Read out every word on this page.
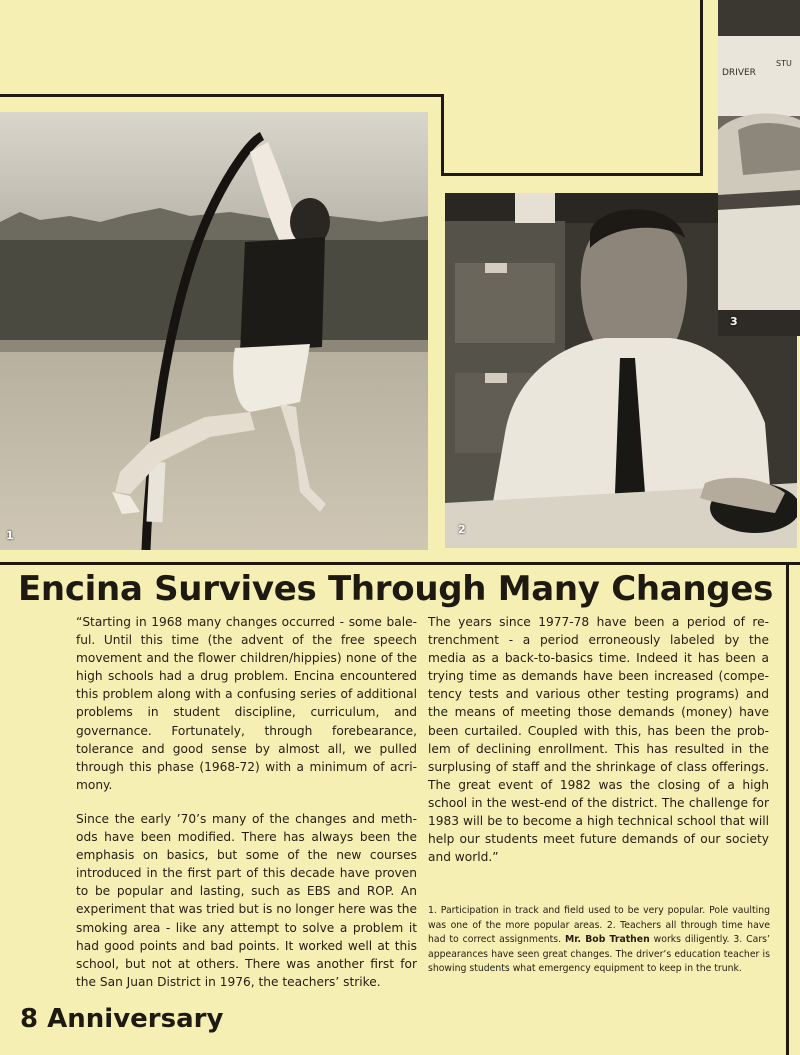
1	2
DRIVER
STU
3
Encina Survives Through Many Changes

“Starting in 1968 many changes occurred - some baleful. Until this time (the advent of the free speech movement and the flower children/hippies) none of the high schools had a drug problem. Encina encountered this problem along with a confusing series of additional problems in student discipline, curriculum, and governance. Fortunately, through forebearance, tolerance and good sense by almost all, we pulled through this phase (1968-72) with a minimum of acrimony.

Since the early ’70’s many of the changes and methods have been modified. There has always been the emphasis on basics, but some of the new courses introduced in the first part of this decade have proven to be popular and lasting, such as EBS and ROP. An experiment that was tried but is no longer here was the smoking area - like any attempt to solve a problem it had good points and bad points. It worked well at this school, but not at others. There was another first for the San Juan District in 1976, the teachers’ strike.

The years since 1977-78 have been a period of retrenchment - a period erroneously labeled by the media as a back-to-basics time. Indeed it has been a trying time as demands have been increased (competency tests and various other testing programs) and the means of meeting those demands (money) have been curtailed. Coupled with this, has been the problem of declining enrollment. This has resulted in the surplusing of staff and the shrinkage of class offerings. The great event of 1982 was the closing of a high school in the west-end of the district. The challenge for 1983 will be to become a high technical school that will help our students meet future demands of our society and world.”

1. Participation in track and field used to be very popular. Pole vaulting was one of the more popular areas. 2. Teachers all through time have had to correct assignments. Mr. Bob Trathen works diligently. 3. Cars’ appearances have seen great changes. The driver’s education teacher is showing students what emergency equipment to keep in the trunk.

8 Anniversary
